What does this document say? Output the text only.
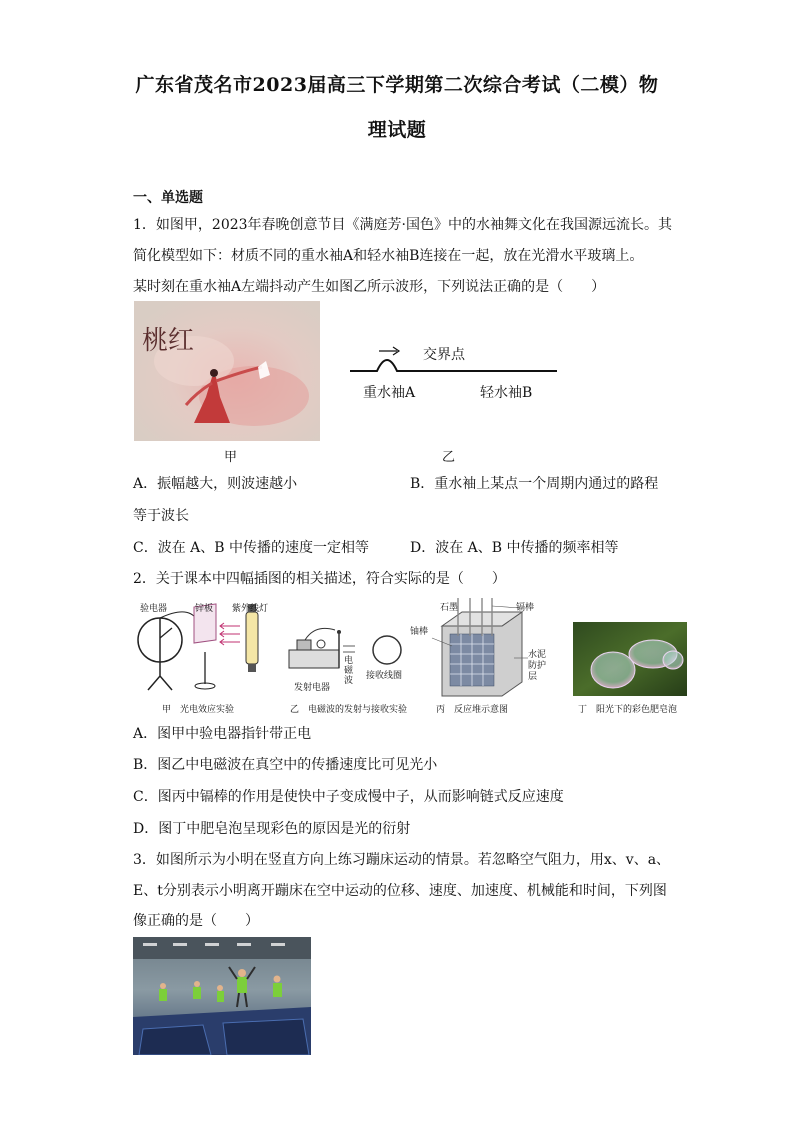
广东省茂名市2023届高三下学期第二次综合考试（二模）物
理试题
一、单选题
1．如图甲，2023年春晚创意节目《满庭芳·国色》中的水袖舞文化在我国源远流长。其
简化模型如下：材质不同的重水袖A和轻水袖B连接在一起，放在光滑水平玻璃上。
某时刻在重水袖A左端抖动产生如图乙所示波形，下列说法正确的是（　　）
桃红
甲
交界点
重水袖A	轻水袖B
乙
A．振幅越大，则波速越小	B．重水袖上某点一个周期内通过的路程
等于波长
C．波在 A、B 中传播的速度一定相等	D．波在 A、B 中传播的频率相等
2．关于课本中四幅插图的相关描述，符合实际的是（　　）
验电器	锌板 紫外线灯
甲　光电效应实验
发射电器
电磁波 接收线圈
乙　电磁波的发射与接收实验
石墨	镉棒
铀棒
水泥防护层
丙　反应堆示意图	丁　阳光下的彩色肥皂泡
A．图甲中验电器指针带正电
B．图乙中电磁波在真空中的传播速度比可见光小
C．图丙中镉棒的作用是使快中子变成慢中子，从而影响链式反应速度
D．图丁中肥皂泡呈现彩色的原因是光的衍射
3．如图所示为小明在竖直方向上练习蹦床运动的情景。若忽略空气阻力，用x、v、a、
E、t分别表示小明离开蹦床在空中运动的位移、速度、加速度、机械能和时间，下列图
像正确的是（　　）
